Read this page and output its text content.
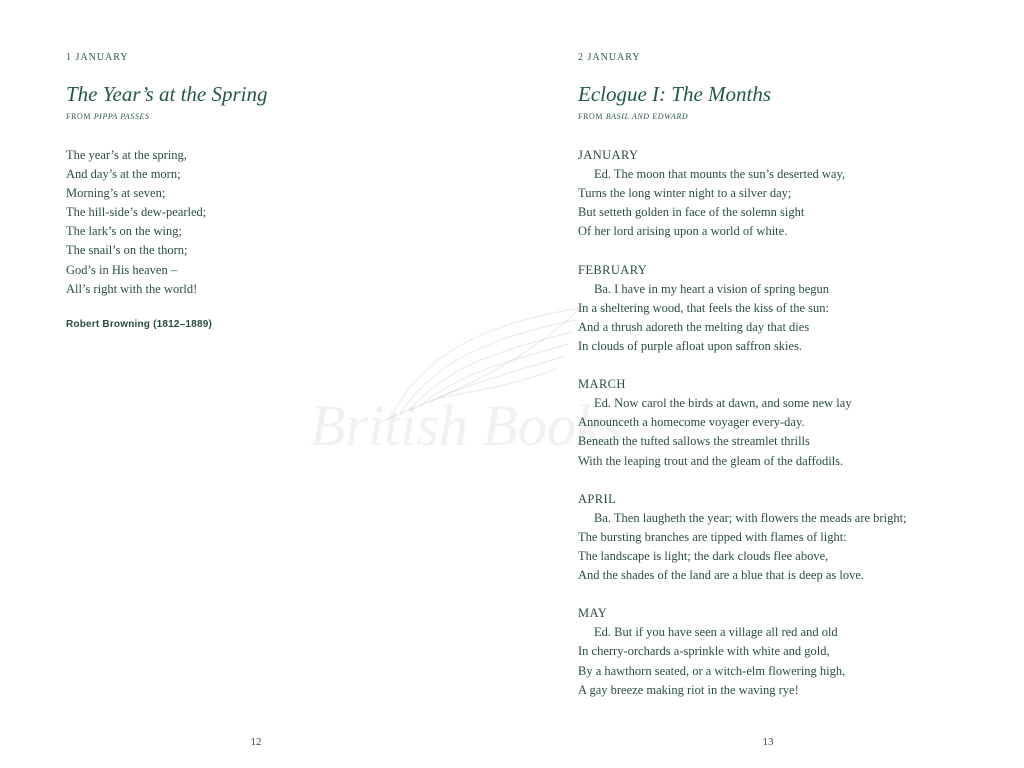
British Books
1 JANUARY
The Year’s at the Spring
FROM PIPPA PASSES
The year’s at the spring,
And day’s at the morn;
Morning’s at seven;
The hill-side’s dew-pearled;
The lark’s on the wing;
The snail’s on the thorn;
God’s in His heaven –
All’s right with the world!
Robert Browning (1812–1889)
12
2 JANUARY
Eclogue I: The Months
FROM BASIL AND EDWARD
JANUARY
Ed. The moon that mounts the sun’s deserted way,
Turns the long winter night to a silver day;
But setteth golden in face of the solemn sight
Of her lord arising upon a world of white.
FEBRUARY
Ba. I have in my heart a vision of spring begun
In a sheltering wood, that feels the kiss of the sun:
And a thrush adoreth the melting day that dies
In clouds of purple afloat upon saffron skies.
MARCH
Ed. Now carol the birds at dawn, and some new lay
Announceth a homecome voyager every-day.
Beneath the tufted sallows the streamlet thrills
With the leaping trout and the gleam of the daffodils.
APRIL
Ba. Then laugheth the year; with flowers the meads are bright;
The bursting branches are tipped with flames of light:
The landscape is light; the dark clouds flee above,
And the shades of the land are a blue that is deep as love.
MAY
Ed. But if you have seen a village all red and old
In cherry-orchards a-sprinkle with white and gold,
By a hawthorn seated, or a witch-elm flowering high,
A gay breeze making riot in the waving rye!
13
